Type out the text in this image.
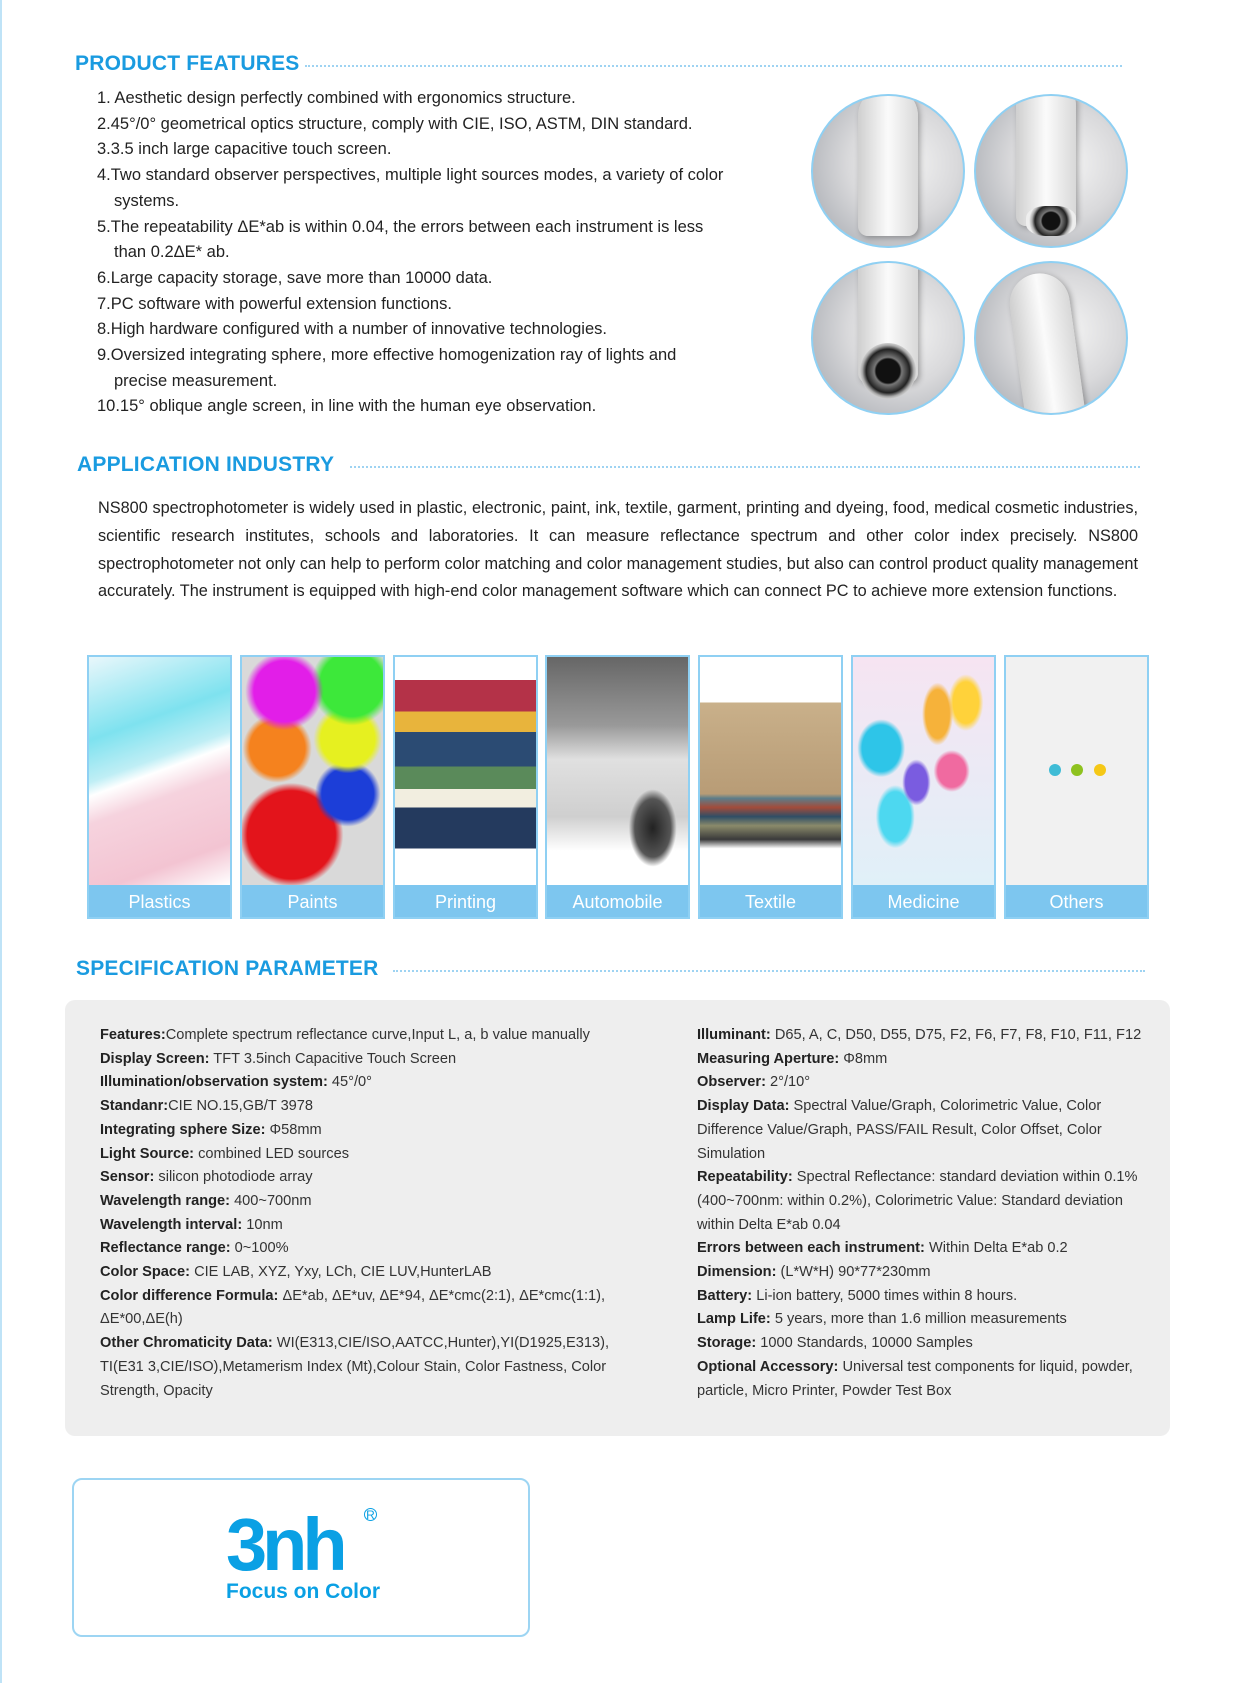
PRODUCT FEATURES
1. Aesthetic design perfectly combined with ergonomics structure.
2.45°/0° geometrical optics structure, comply with CIE, ISO, ASTM, DIN standard.
3.3.5 inch large capacitive touch screen.
4.Two standard observer perspectives, multiple light sources modes, a variety of color systems.
5.The repeatability ΔE*ab is within 0.04, the errors between each instrument is less than 0.2ΔE* ab.
6.Large capacity storage, save more than 10000 data.
7.PC software with powerful extension functions.
8.High hardware configured with a number of innovative technologies.
9.Oversized integrating sphere, more effective homogenization ray of lights and precise measurement.
10.15° oblique angle screen, in line with the human eye observation.
APPLICATION INDUSTRY
NS800 spectrophotometer is widely used in plastic, electronic, paint, ink, textile, garment, printing and dyeing, food, medical cosmetic industries, scientific research institutes, schools and laboratories. It can measure reflectance spectrum and other color index precisely. NS800 spectrophotometer not only can help to perform color matching and color management studies, but also can control product quality management accurately. The instrument is equipped with high-end color management software which can connect PC to achieve more extension functions.
Plastics	Paints	Printing	Automobile	Textile	Medicine	Others
SPECIFICATION PARAMETER
Features:Complete spectrum reflectance curve,Input L, a, b value manually
Display Screen: TFT 3.5inch Capacitive Touch Screen
Illumination/observation system: 45°/0°
Standanr:CIE NO.15,GB/T 3978
Integrating sphere Size: Φ58mm
Light Source: combined LED sources
Sensor: silicon photodiode array
Wavelength range: 400~700nm
Wavelength interval: 10nm
Reflectance range: 0~100%
Color Space: CIE LAB, XYZ, Yxy, LCh, CIE LUV,HunterLAB
Color difference Formula: ΔE*ab, ΔE*uv, ΔE*94, ΔE*cmc(2:1), ΔE*cmc(1:1), ΔE*00,ΔE(h)
Other Chromaticity Data: WI(E313,CIE/ISO,AATCC,Hunter),YI(D1925,E313), TI(E31 3,CIE/ISO),Metamerism Index (Mt),Colour Stain, Color Fastness, Color Strength, Opacity
Illuminant: D65, A, C, D50, D55, D75, F2, F6, F7, F8, F10, F11, F12
Measuring Aperture: Φ8mm
Observer: 2°/10°
Display Data: Spectral Value/Graph, Colorimetric Value, Color Difference Value/Graph, PASS/FAIL Result, Color Offset, Color Simulation
Repeatability: Spectral Reflectance: standard deviation within 0.1% (400~700nm: within 0.2%), Colorimetric Value: Standard deviation within Delta E*ab 0.04
Errors between each instrument: Within Delta E*ab 0.2
Dimension: (L*W*H) 90*77*230mm
Battery: Li-ion battery, 5000 times within 8 hours.
Lamp Life: 5 years, more than 1.6 million measurements
Storage: 1000 Standards, 10000 Samples
Optional Accessory: Universal test components for liquid, powder, particle, Micro Printer, Powder Test Box
3nh R
Focus on Color
